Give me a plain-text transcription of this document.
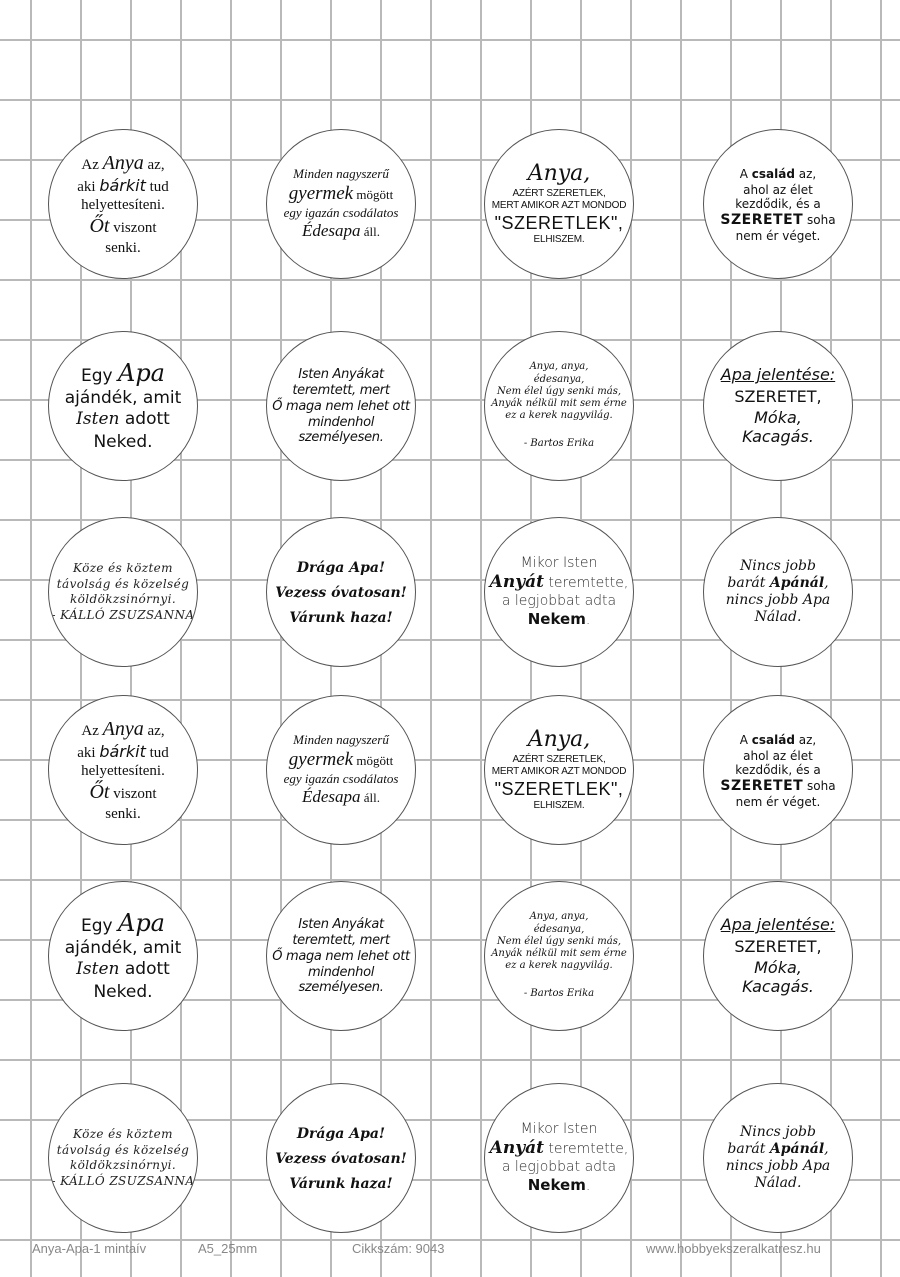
Az Anya az,
aki bárkit tud
helyettesíteni.
Őt viszont
senki.
Minden nagyszerű
gyermek mögött
egy igazán csodálatos
Édesapa áll.
Anya,
AZÉRT SZERETLEK,
MERT AMIKOR AZT MONDOD
"SZERETLEK",
ELHISZEM.
A család az,
ahol az élet
kezdődik, és a
SZERETET soha
nem ér véget.
Egy Apa
ajándék, amit
Isten adott
Neked.
Isten Anyákat
teremtett, mert
Ő maga nem lehet ott
mindenhol
személyesen.
Anya, anya,
édesanya,
Nem élel úgy senki más,
Anyák nélkül mit sem érne
ez a kerek nagyvilág.

- Bartos Erika
Apa jelentése:
SZERETET,
Móka,
Kacagás.
Köze és köztem
távolság és közelség
köldökzsinórnyi.
- KÁLLÓ ZSUZSANNA
Drága Apa!
Vezess óvatosan!
Várunk haza!
Mikor Isten
Anyát teremtette,
a legjobbat adta
Nekem.
Nincs jobb
barát Apánál,
nincs jobb Apa
Nálad.
Az Anya az,
aki bárkit tud
helyettesíteni.
Őt viszont
senki.
Minden nagyszerű
gyermek mögött
egy igazán csodálatos
Édesapa áll.
Anya,
AZÉRT SZERETLEK,
MERT AMIKOR AZT MONDOD
"SZERETLEK",
ELHISZEM.
A család az,
ahol az élet
kezdődik, és a
SZERETET soha
nem ér véget.
Egy Apa
ajándék, amit
Isten adott
Neked.
Isten Anyákat
teremtett, mert
Ő maga nem lehet ott
mindenhol
személyesen.
Anya, anya,
édesanya,
Nem élel úgy senki más,
Anyák nélkül mit sem érne
ez a kerek nagyvilág.

- Bartos Erika
Apa jelentése:
SZERETET,
Móka,
Kacagás.
Köze és köztem
távolság és közelség
köldökzsinórnyi.
- KÁLLÓ ZSUZSANNA
Drága Apa!
Vezess óvatosan!
Várunk haza!
Mikor Isten
Anyát teremtette,
a legjobbat adta
Nekem.
Nincs jobb
barát Apánál,
nincs jobb Apa
Nálad.
Anya-Apa-1 mintaív	A5_25mm	Cikkszám: 9043	www.hobbyekszeralkatresz.hu
